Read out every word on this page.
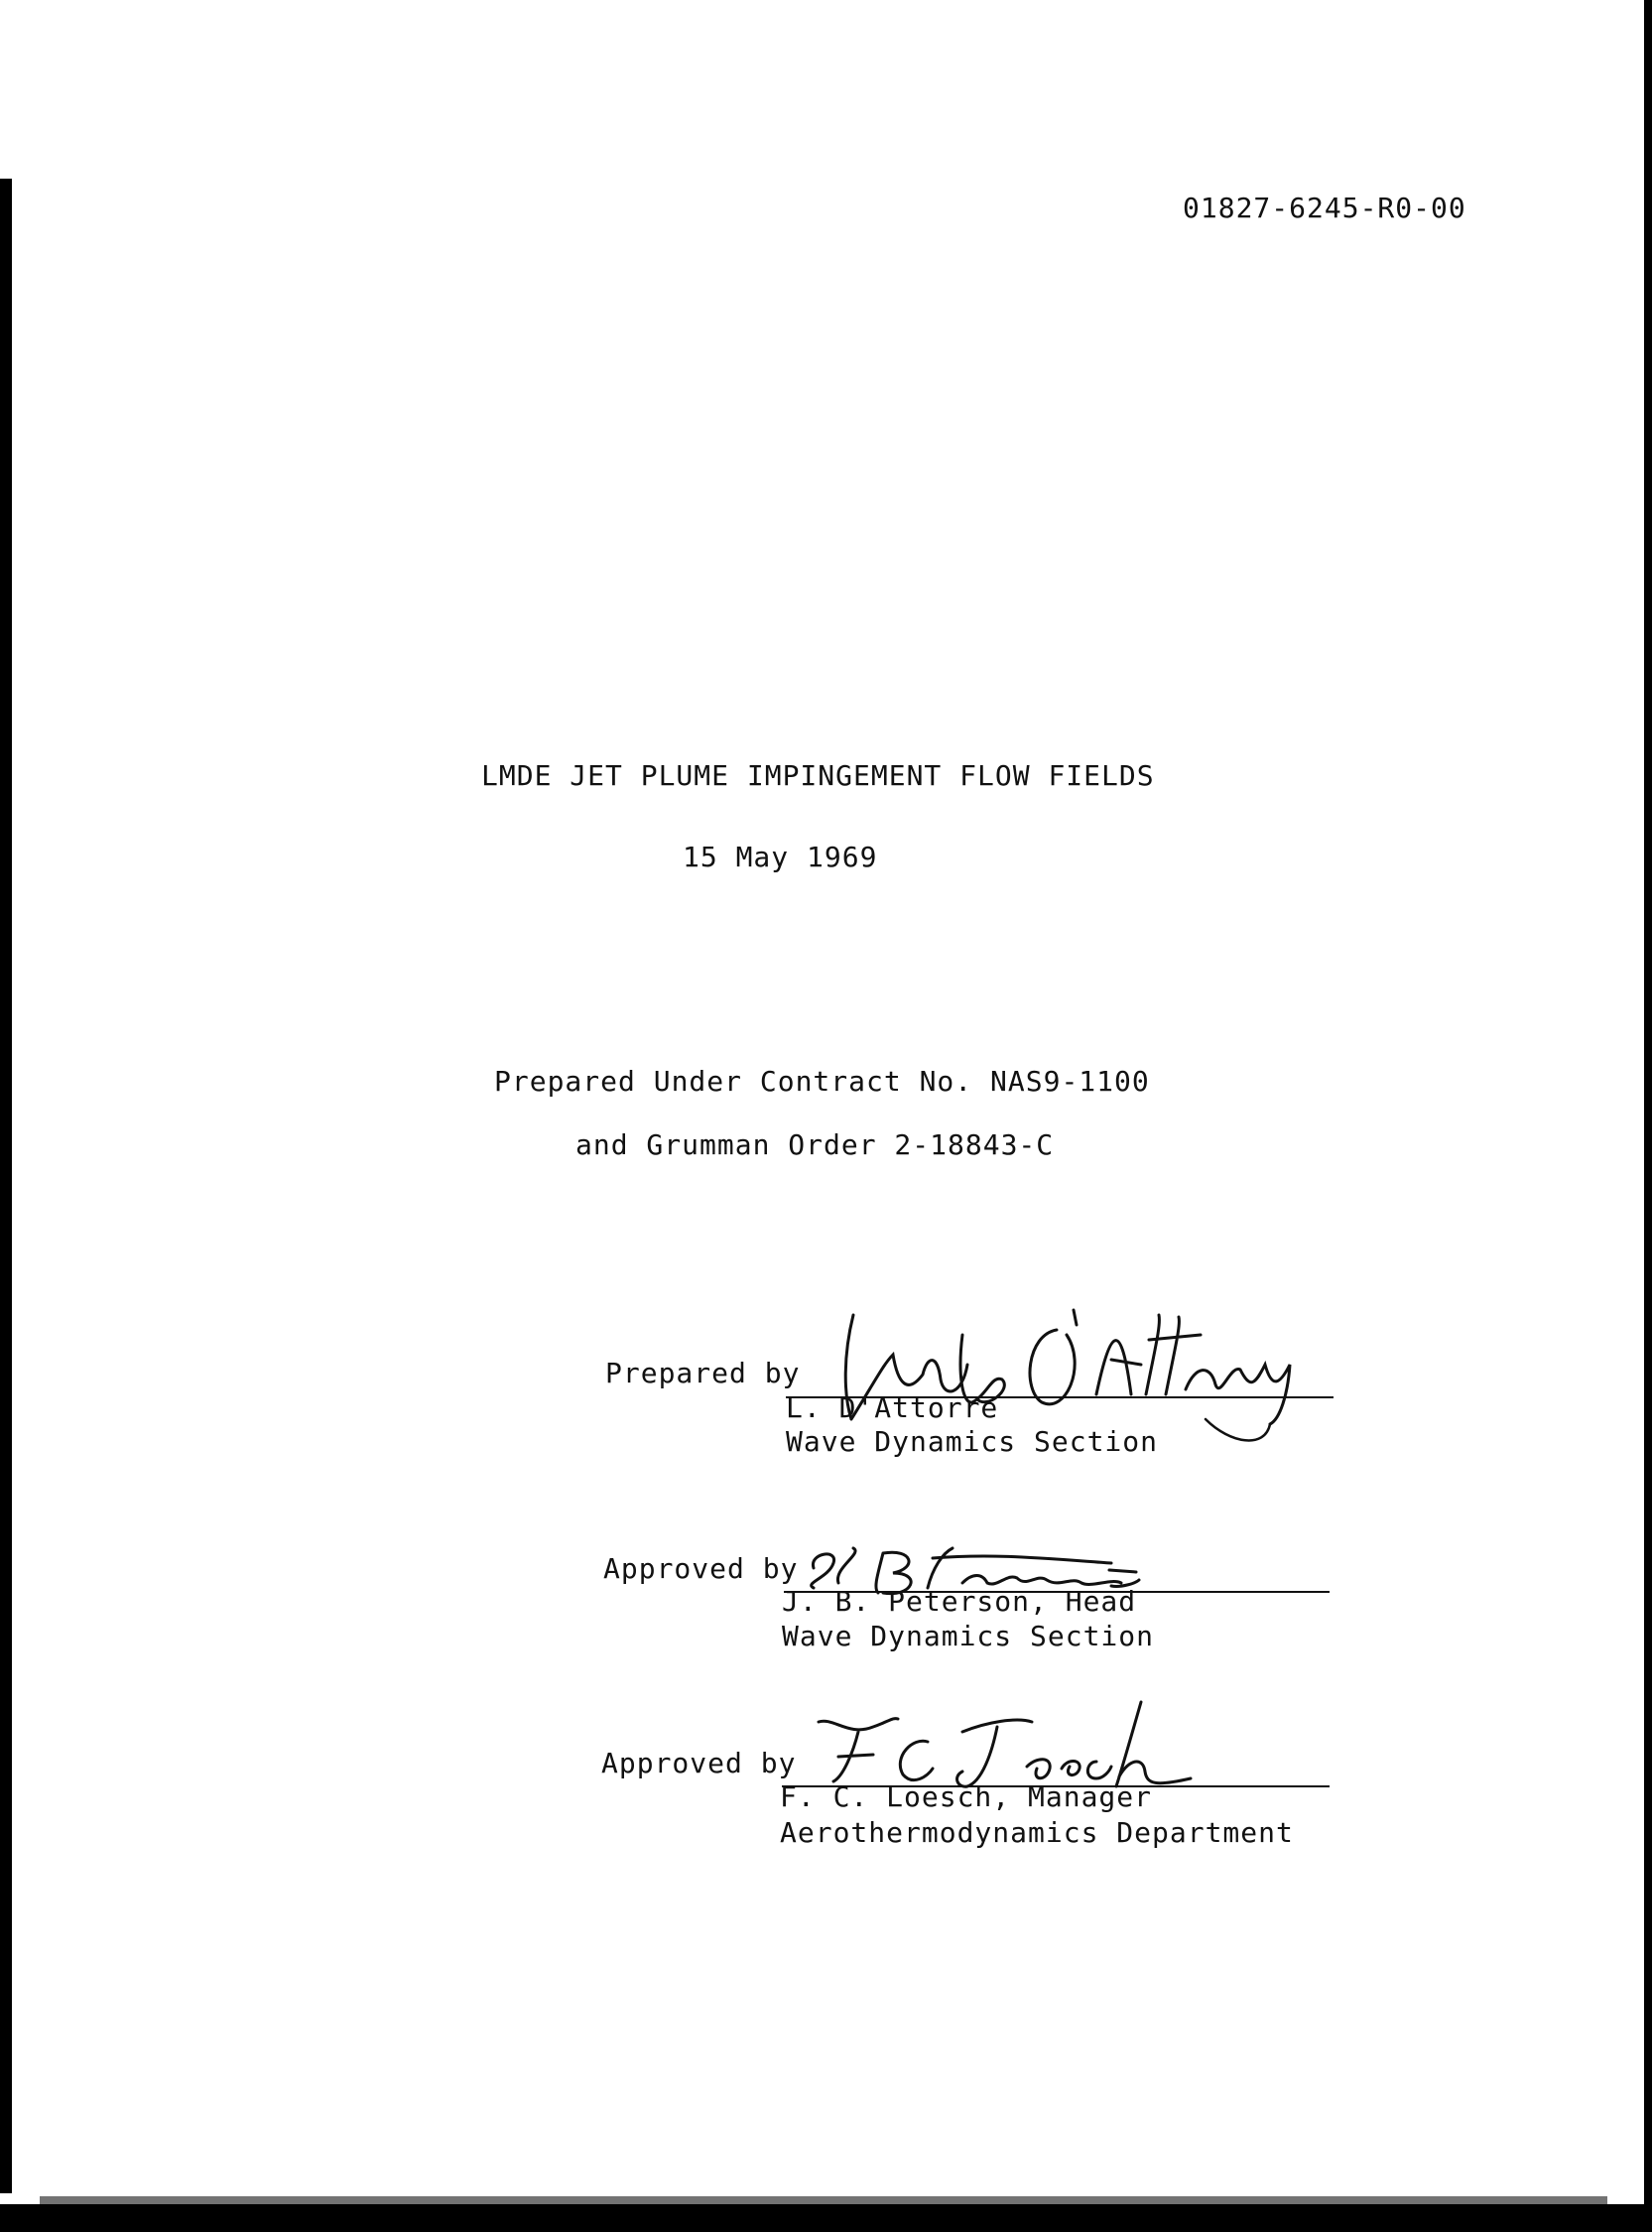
01827-6245-R0-00
LMDE JET PLUME IMPINGEMENT FLOW FIELDS
15 May 1969
Prepared Under Contract No. NAS9-1100
and Grumman Order 2-18843-C
Prepared by
L. D'Attorre
Wave Dynamics Section
Approved by
J. B. Peterson, Head
Wave Dynamics Section
Approved by
F. C. Loesch, Manager
Aerothermodynamics Department
